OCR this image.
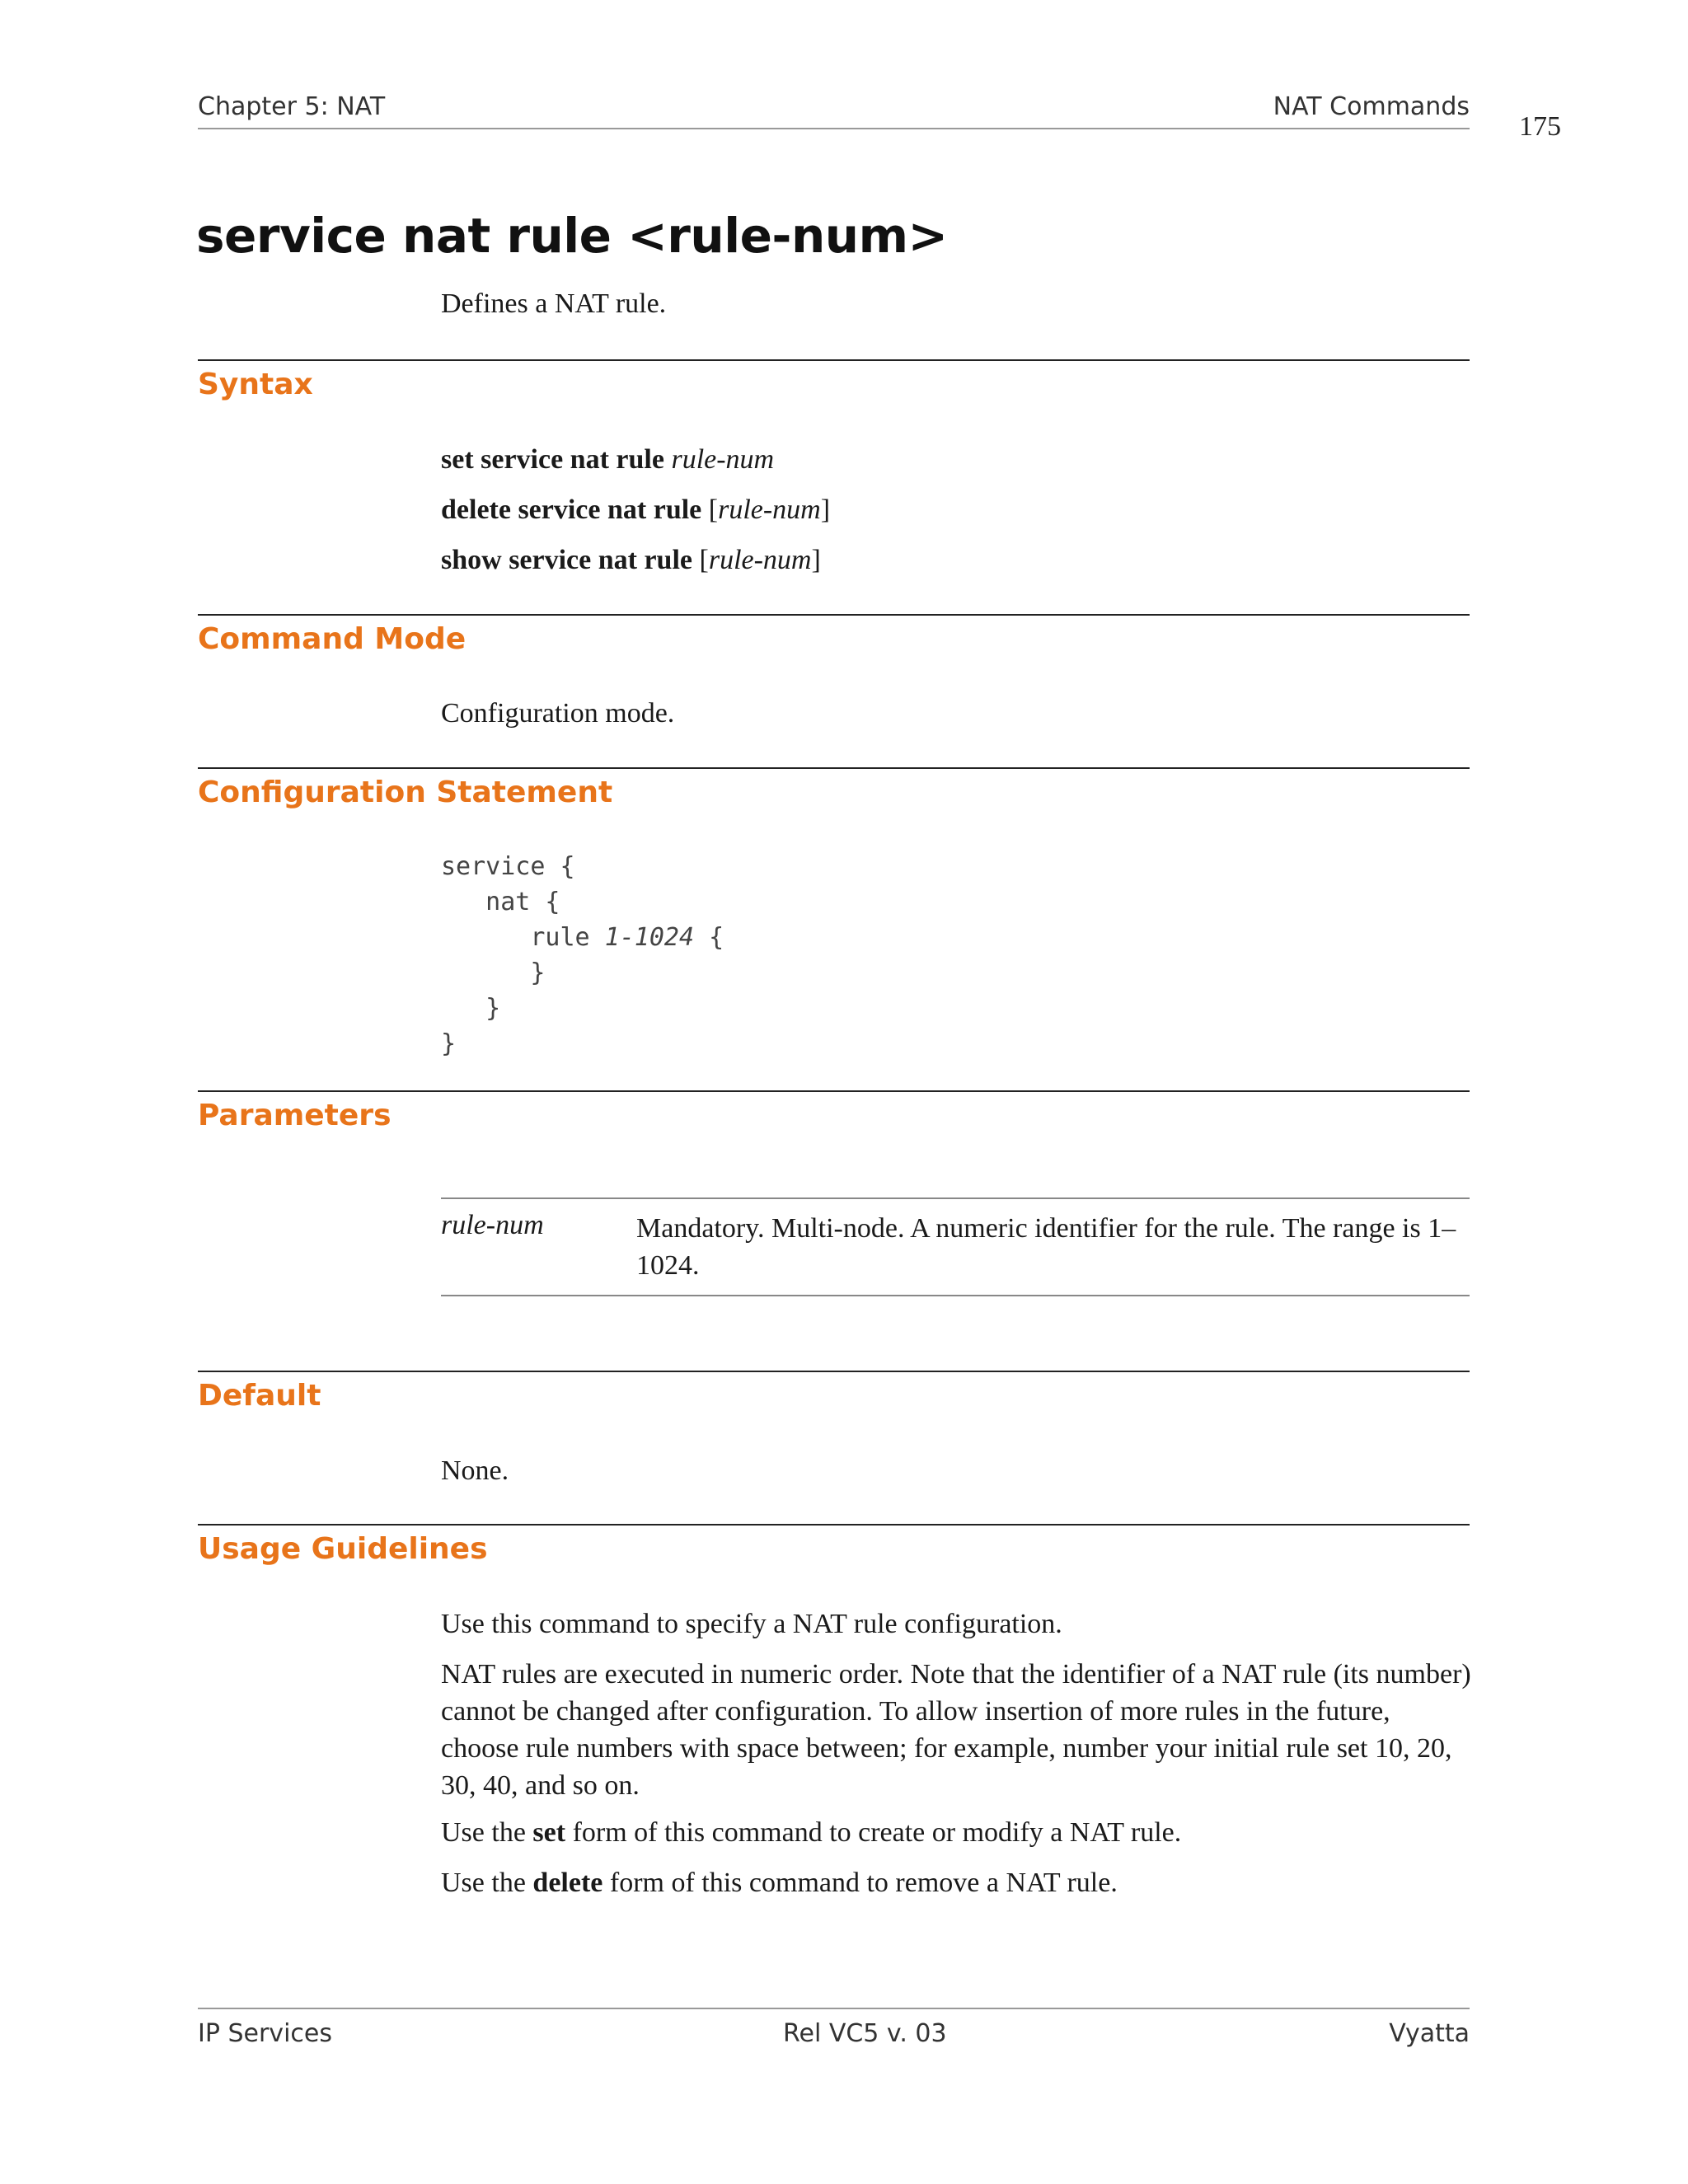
Chapter 5: NAT	NAT Commands
175
service nat rule <rule-num>
Defines a NAT rule.
Syntax
set service nat rule rule-num
delete service nat rule [rule-num]
show service nat rule [rule-num]
Command Mode
Configuration mode.
Configuration Statement
service {
nat {
rule 1-1024 {
}
}
}
Parameters
rule-num	Mandatory. Multi-node. A numeric identifier for the rule. The range is 1–1024.
Default
None.
Usage Guidelines
Use this command to specify a NAT rule configuration.
NAT rules are executed in numeric order. Note that the identifier of a NAT rule (its number) cannot be changed after configuration. To allow insertion of more rules in the future, choose rule numbers with space between; for example, number your initial rule set 10, 20, 30, 40, and so on.
Use the set form of this command to create or modify a NAT rule.
Use the delete form of this command to remove a NAT rule.
IP Services	Rel VC5 v. 03	Vyatta
